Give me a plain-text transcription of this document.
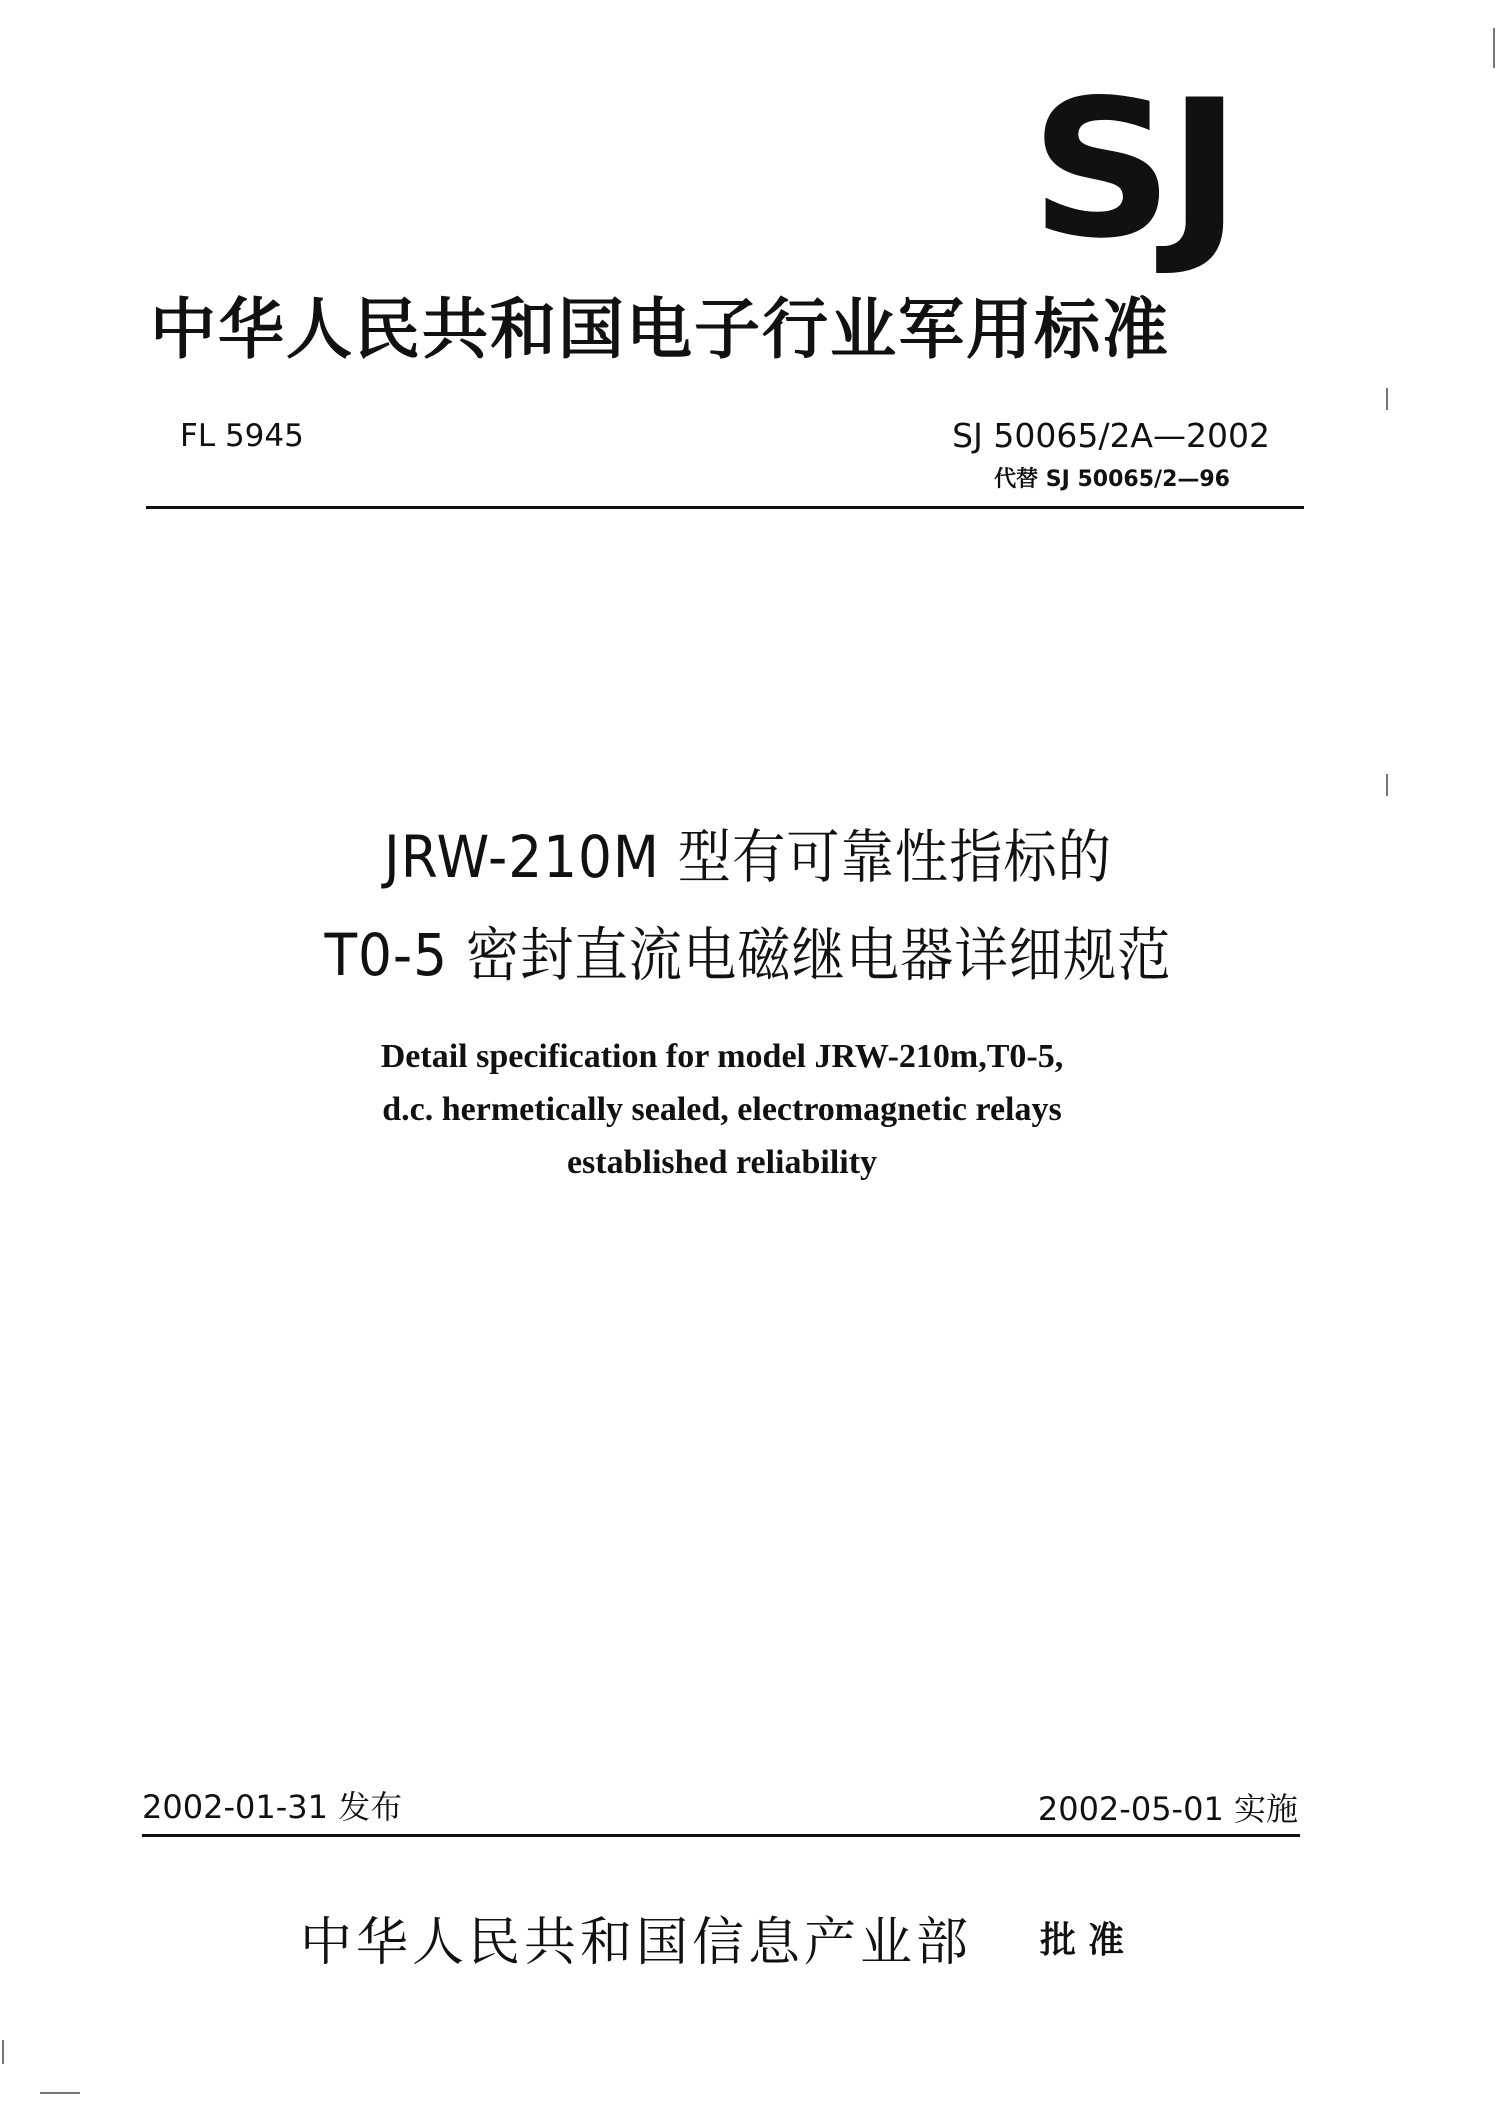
SJ
中华人民共和国电子行业军用标准
FL 5945	SJ 50065/2A—2002
代替 SJ 50065/2—96
JRW-210M 型有可靠性指标的
T0-5 密封直流电磁继电器详细规范
Detail specification for model JRW-210m,T0-5,
d.c. hermetically sealed, electromagnetic relays
established reliability
2002-01-31 发布	2002-05-01 实施
中华人民共和国信息产业部 批准
